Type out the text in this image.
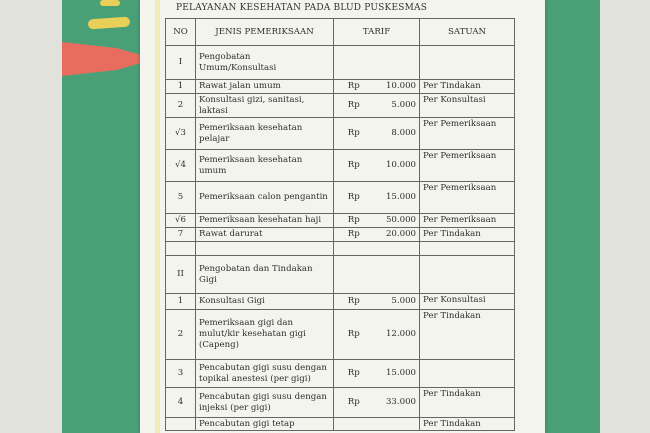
PELAYANAN KESEHATAN PADA BLUD PUSKESMAS
NO	JENIS PEMERIKSAAN	TARIF		SATUAN
I	Pengobatan Umum/Konsultasi			
1	Rawat jalan umum	Rp	10.000	Per Tindakan
2	Konsultasi gizi, sanitasi, laktasi	Rp	5.000	Per Konsultasi
√3	Pemeriksaan kesehatan pelajar	Rp	8.000	Per Pemeriksaan
√4	Pemeriksaan kesehatan umum	Rp	10.000	Per Pemeriksaan
5	Pemeriksaan calon pengantin	Rp	15.000	Per Pemeriksaan
√6	Pemeriksaan kesehatan haji	Rp	50.000	Per Pemeriksaan
7	Rawat darurat	Rp	20.000	Per Tindakan

II	Pengobatan dan Tindakan Gigi			
1	Konsultasi Gigi	Rp	5.000	Per Konsultasi
2	Pemeriksaan gigi dan mulut/kir kesehatan gigi (Capeng)	Rp	12.000	Per Tindakan
3	Pencabutan gigi susu dengan topikal anestesi (per gigi)	Rp	15.000	
4	Pencabutan gigi susu dengan injeksi (per gigi)	Rp	33.000	Per Tindakan
	Pencabutan gigi tetap			Per Tindakan
